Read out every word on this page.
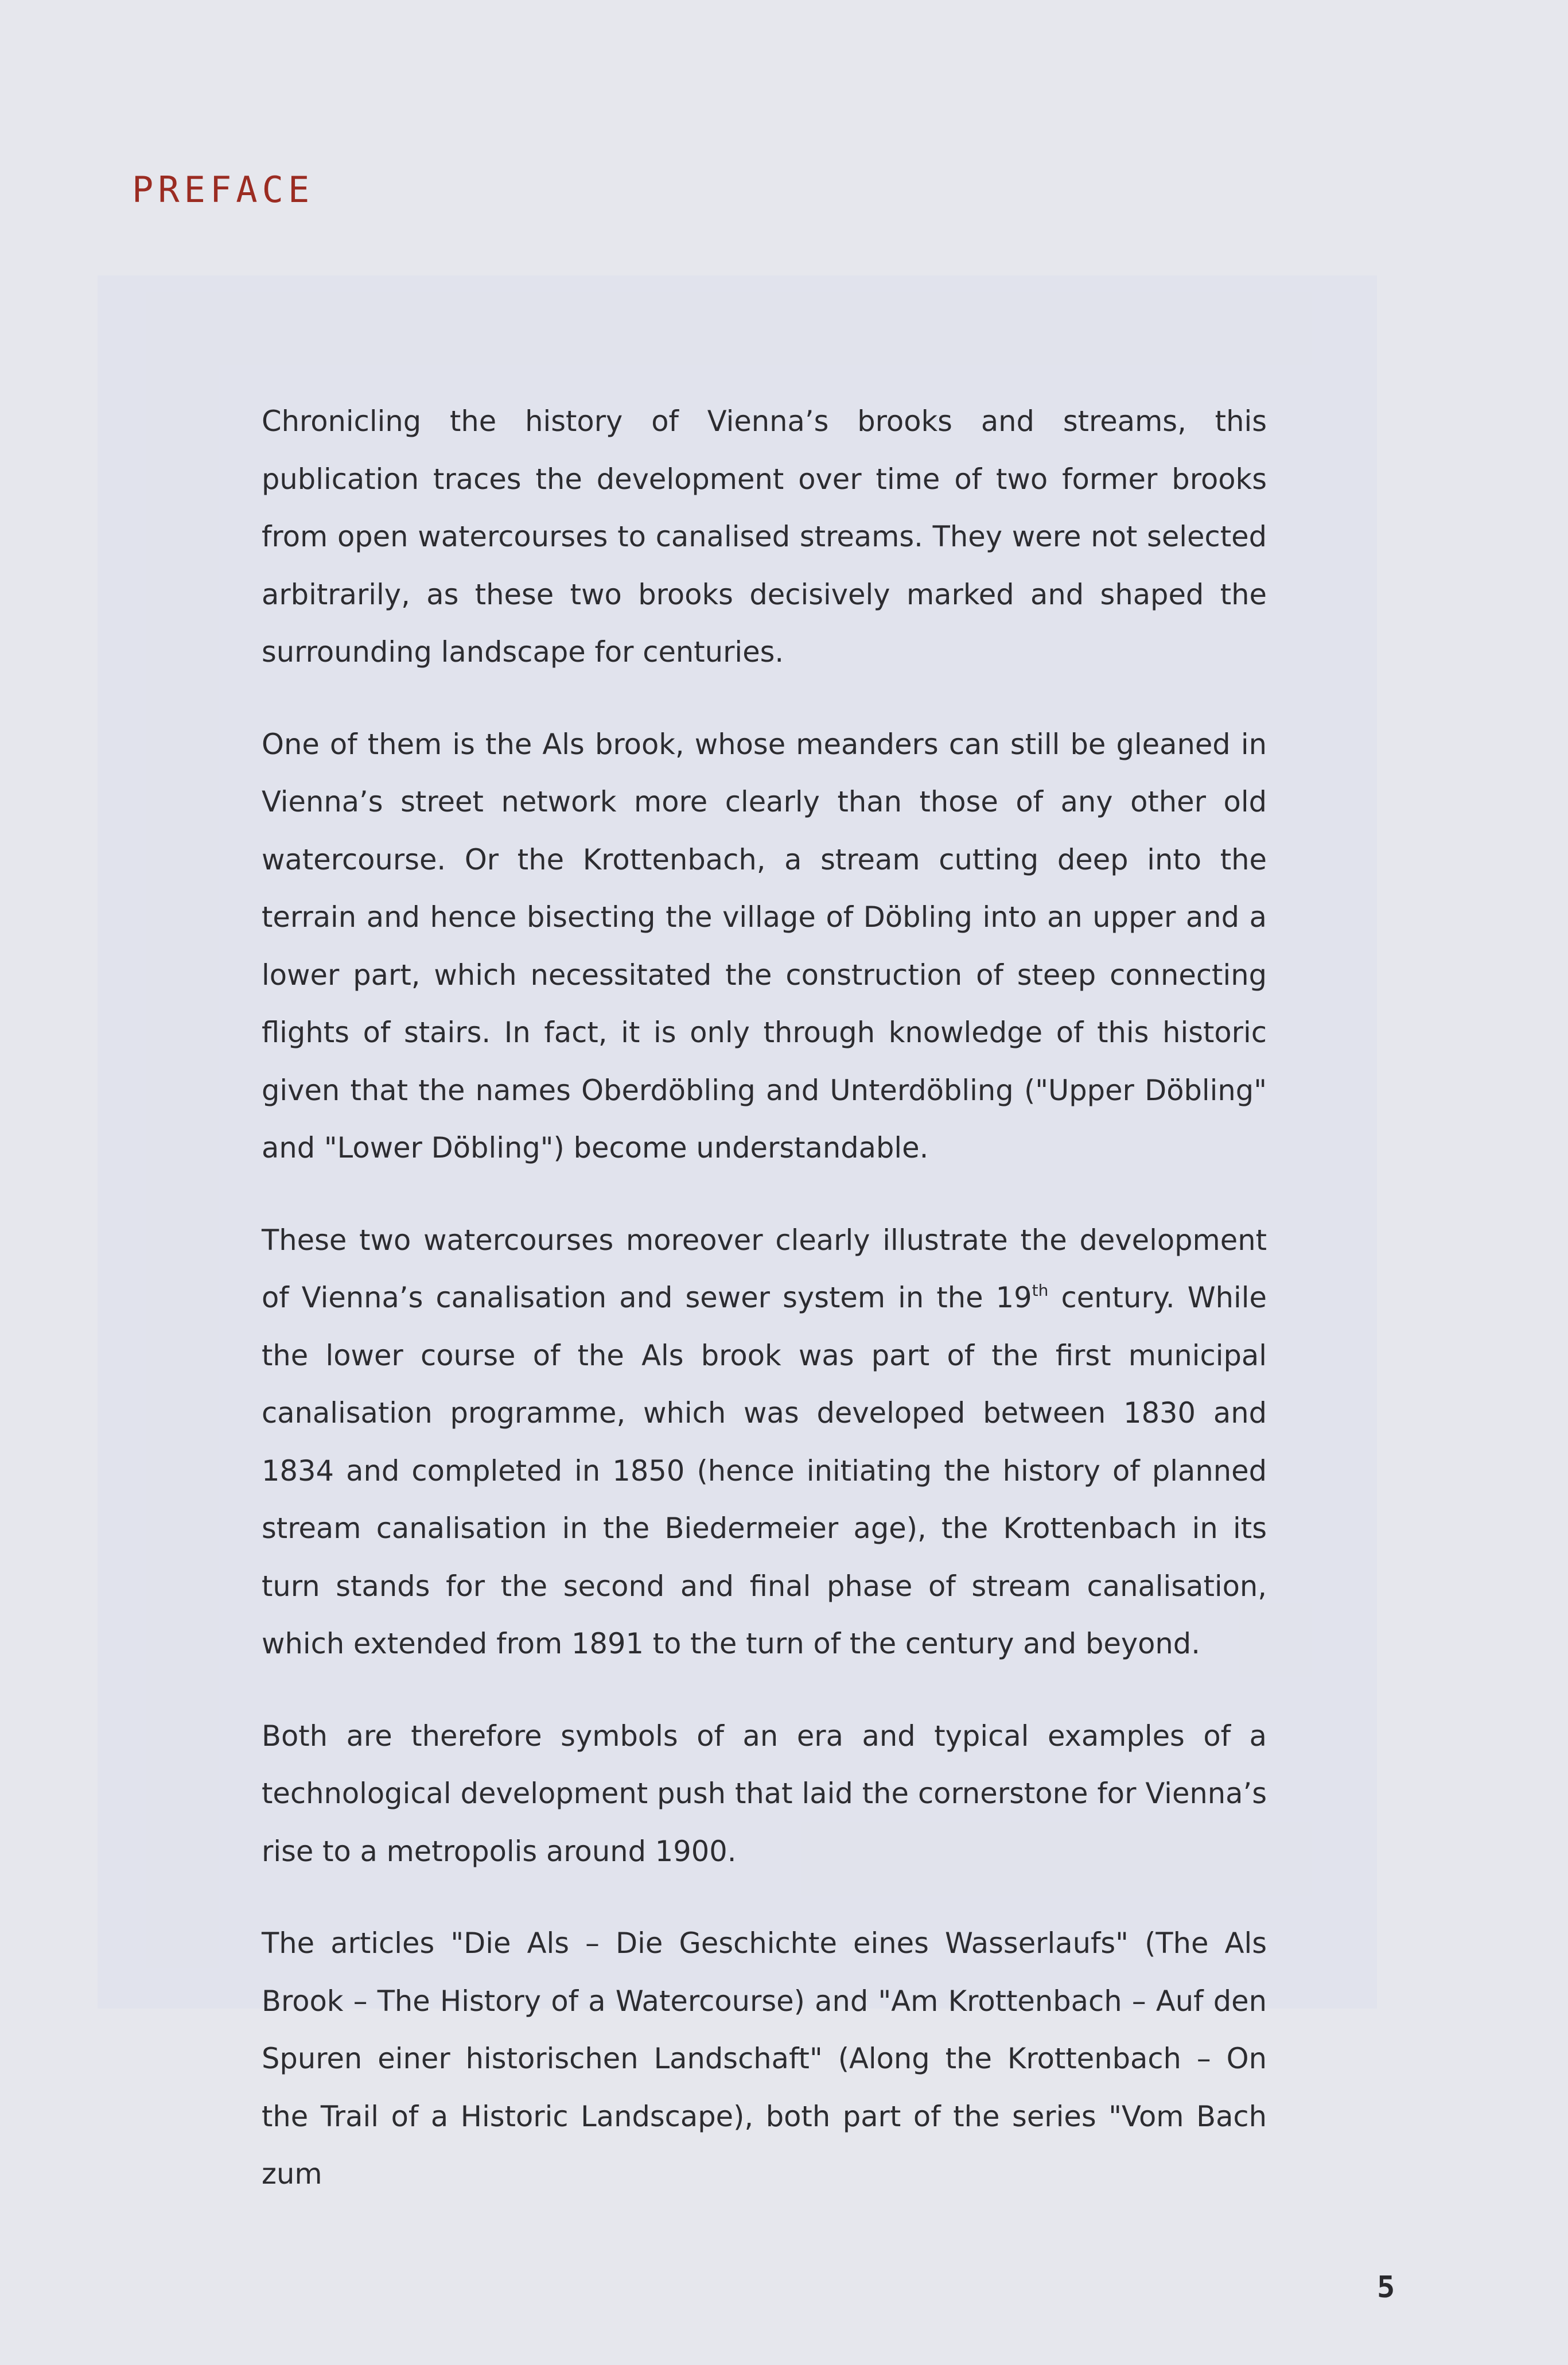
PREFACE

Chronicling the history of Vienna’s brooks and streams, this publication traces the development over time of two former brooks from open watercourses to canalised streams. They were not selected arbitrarily, as these two brooks decisively marked and shaped the surrounding landscape for centuries.

One of them is the Als brook, whose meanders can still be gleaned in Vienna’s street network more clearly than those of any other old watercourse. Or the Krottenbach, a stream cutting deep into the terrain and hence bisecting the village of Döbling into an upper and a lower part, which necessitated the construction of steep connecting flights of stairs. In fact, it is only through knowledge of this historic given that the names Oberdöbling and Unterdöbling ("Upper Döbling" and "Lower Döbling") become understandable.

These two watercourses moreover clearly illustrate the development of Vienna’s canalisation and sewer system in the 19th century. While the lower course of the Als brook was part of the first municipal canalisation programme, which was developed between 1830 and 1834 and completed in 1850 (hence initiating the history of planned stream canalisation in the Biedermeier age), the Krottenbach in its turn stands for the second and final phase of stream canalisation, which extended from 1891 to the turn of the century and beyond.

Both are therefore symbols of an era and typical examples of a technological development push that laid the cornerstone for Vienna’s rise to a metropolis around 1900.

The articles "Die Als – Die Geschichte eines Wasserlaufs" (The Als Brook – The History of a Watercourse) and "Am Krottenbach – Auf den Spuren einer historischen Landschaft" (Along the Krottenbach – On the Trail of a Historic Landscape), both part of the series "Vom Bach zum

5
